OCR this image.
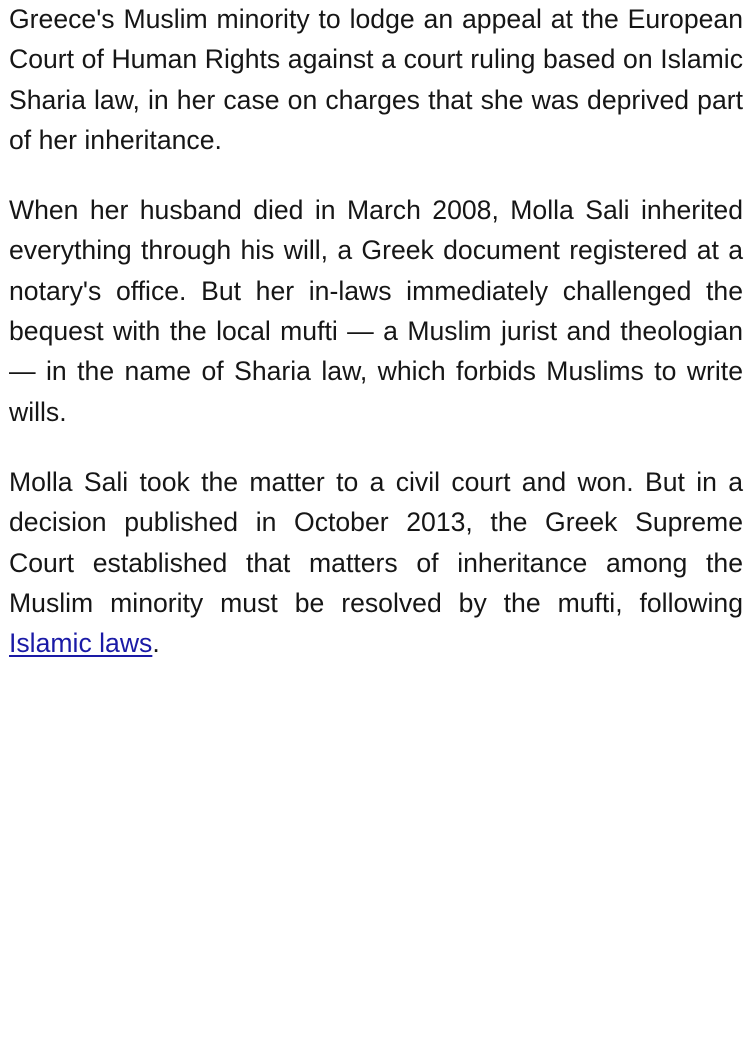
Greece's Muslim minority to lodge an appeal at the European Court of Human Rights against a court ruling based on Islamic Sharia law, in her case on charges that she was deprived part of her inheritance.

When her husband died in March 2008, Molla Sali inherited everything through his will, a Greek document registered at a notary's office. But her in-laws immediately challenged the bequest with the local mufti — a Muslim jurist and theologian — in the name of Sharia law, which forbids Muslims to write wills.

Molla Sali took the matter to a civil court and won. But in a decision published in October 2013, the Greek Supreme Court established that matters of inheritance among the Muslim minority must be resolved by the mufti, following Islamic laws.
